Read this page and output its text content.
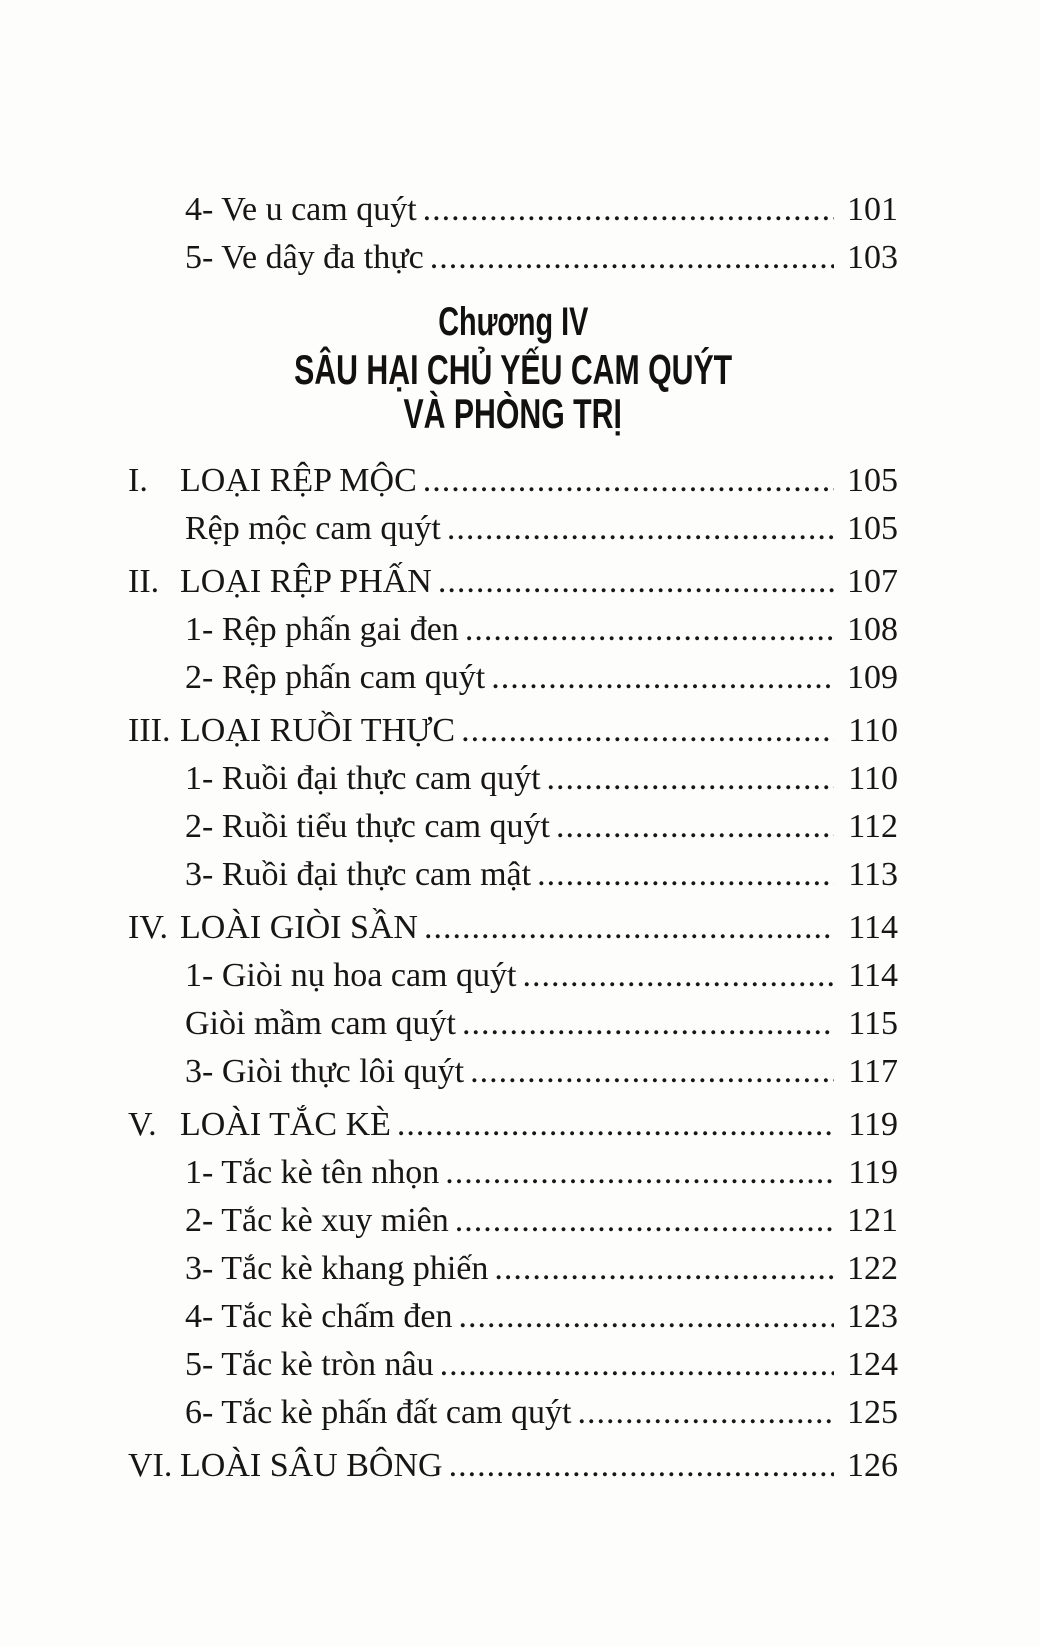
4- Ve u cam quýt .....	101
5- Ve dây đa thực .....	103
Chương IV
SÂU HẠI CHỦ YẾU CAM QUÝT
VÀ PHÒNG TRỊ
I. LOẠI RỆP MỘC .....	105
Rệp mộc cam quýt .....	105
II. LOẠI RỆP PHẤN .....	107
1- Rệp phấn gai đen .....	108
2- Rệp phấn cam quýt .....	109
III. LOẠI RUỒI THỰC .....	110
1- Ruồi đại thực cam quýt .....	110
2- Ruồi tiểu thực cam quýt .....	112
3- Ruồi đại thực cam mật .....	113
IV. LOÀI GIÒI SẦN .....	114
1- Giòi nụ hoa cam quýt .....	114
Giòi mầm cam quýt .....	115
3- Giòi thực lôi quýt .....	117
V. LOÀI TẮC KÈ .....	119
1- Tắc kè tên nhọn .....	119
2- Tắc kè xuy miên .....	121
3- Tắc kè khang phiến .....	122
4- Tắc kè chấm đen .....	123
5- Tắc kè tròn nâu .....	124
6- Tắc kè phấn đất cam quýt .....	125
VI. LOÀI SÂU BÔNG .....	126
